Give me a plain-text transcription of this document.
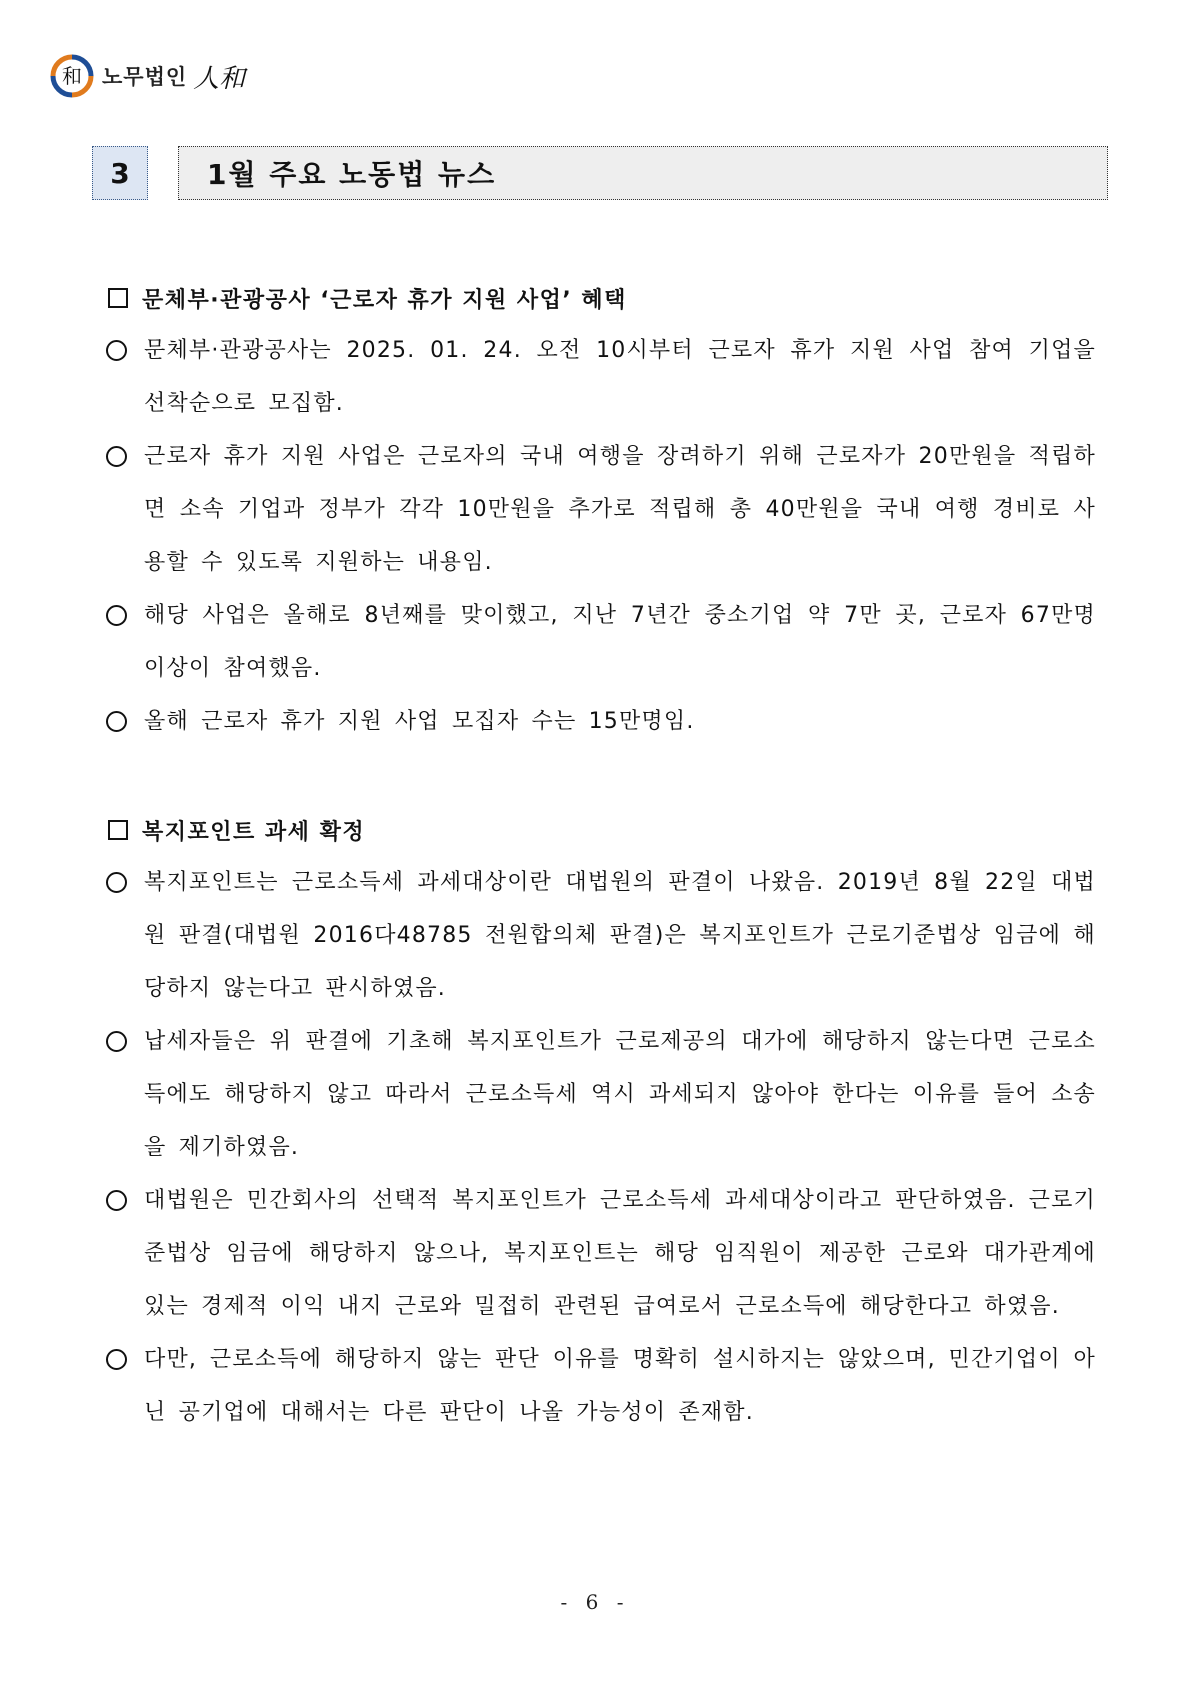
和 노무법인 人和
3	1월 주요 노동법 뉴스
문체부·관광공사 ‘근로자 휴가 지원 사업’ 혜택
문체부·관광공사는 2025. 01. 24. 오전 10시부터 근로자 휴가 지원 사업 참여 기업을 선착순으로 모집함.
근로자 휴가 지원 사업은 근로자의 국내 여행을 장려하기 위해 근로자가 20만원을 적립하면 소속 기업과 정부가 각각 10만원을 추가로 적립해 총 40만원을 국내 여행 경비로 사용할 수 있도록 지원하는 내용임.
해당 사업은 올해로 8년째를 맞이했고, 지난 7년간 중소기업 약 7만 곳, 근로자 67만명 이상이 참여했음.
올해 근로자 휴가 지원 사업 모집자 수는 15만명임.
복지포인트 과세 확정
복지포인트는 근로소득세 과세대상이란 대법원의 판결이 나왔음. 2019년 8월 22일 대법원 판결(대법원 2016다48785 전원합의체 판결)은 복지포인트가 근로기준법상 임금에 해당하지 않는다고 판시하였음.
납세자들은 위 판결에 기초해 복지포인트가 근로제공의 대가에 해당하지 않는다면 근로소득에도 해당하지 않고 따라서 근로소득세 역시 과세되지 않아야 한다는 이유를 들어 소송을 제기하였음.
대법원은 민간회사의 선택적 복지포인트가 근로소득세 과세대상이라고 판단하였음. 근로기준법상 임금에 해당하지 않으나, 복지포인트는 해당 임직원이 제공한 근로와 대가관계에 있는 경제적 이익 내지 근로와 밀접히 관련된 급여로서 근로소득에 해당한다고 하였음.
다만, 근로소득에 해당하지 않는 판단 이유를 명확히 설시하지는 않았으며, 민간기업이 아닌 공기업에 대해서는 다른 판단이 나올 가능성이 존재함.
- 6 -
